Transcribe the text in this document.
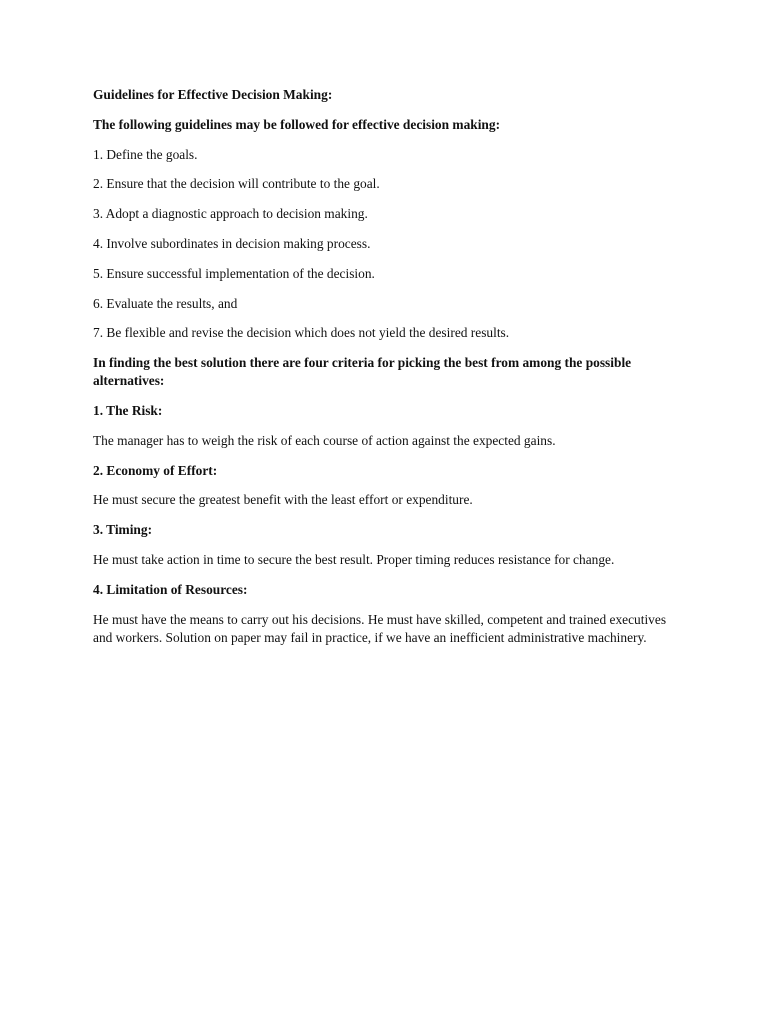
Guidelines for Effective Decision Making:

The following guidelines may be followed for effective decision making:

1. Define the goals.

2. Ensure that the decision will contribute to the goal.

3. Adopt a diagnostic approach to decision making.

4. Involve subordinates in decision making process.

5. Ensure successful implementation of the decision.

6. Evaluate the results, and

7. Be flexible and revise the decision which does not yield the desired results.

In finding the best solution there are four criteria for picking the best from among the possible alternatives:

1. The Risk:

The manager has to weigh the risk of each course of action against the expected gains.

2. Economy of Effort:

He must secure the greatest benefit with the least effort or expenditure.

3. Timing:

He must take action in time to secure the best result. Proper timing reduces resistance for change.

4. Limitation of Resources:

He must have the means to carry out his decisions. He must have skilled, competent and trained executives and workers. Solution on paper may fail in practice, if we have an inefficient administrative machinery.
